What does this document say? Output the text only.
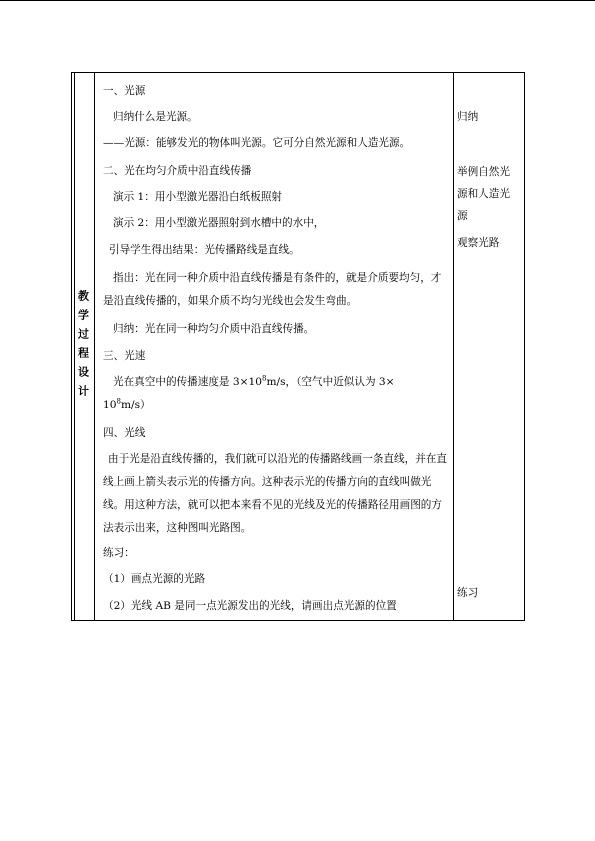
教学过程设计
一、光源
归纳什么是光源。
——光源：能够发光的物体叫光源。它可分自然光源和人造光源。
二、光在均匀介质中沿直线传播
演示 1：用小型激光器沿白纸板照射
演示 2：用小型激光器照射到水槽中的水中，
引导学生得出结果：光传播路线是直线。
指出：光在同一种介质中沿直线传播是有条件的，就是介质要均匀，才是沿直线传播的，如果介质不均匀光线也会发生弯曲。
归纳：光在同一种均匀介质中沿直线传播。
三、光速
光在真空中的传播速度是 $3\times 10^8m/s$，（空气中近似认为 3×
$10^8m/s$）
四、光线
由于光是沿直线传播的，我们就可以沿光的传播路线画一条直线，并在直线上画上箭头表示光的传播方向。这种表示光的传播方向的直线叫做光线。用这种方法，就可以把本来看不见的光线及光的传播路径用画图的方法表示出来，这种图叫光路图。
练习：
（1）画点光源的光路
（2）光线 AB 是同一点光源发出的光线，请画出点光源的位置
归纳
举例自然光源和人造光源
观察光路
练习
